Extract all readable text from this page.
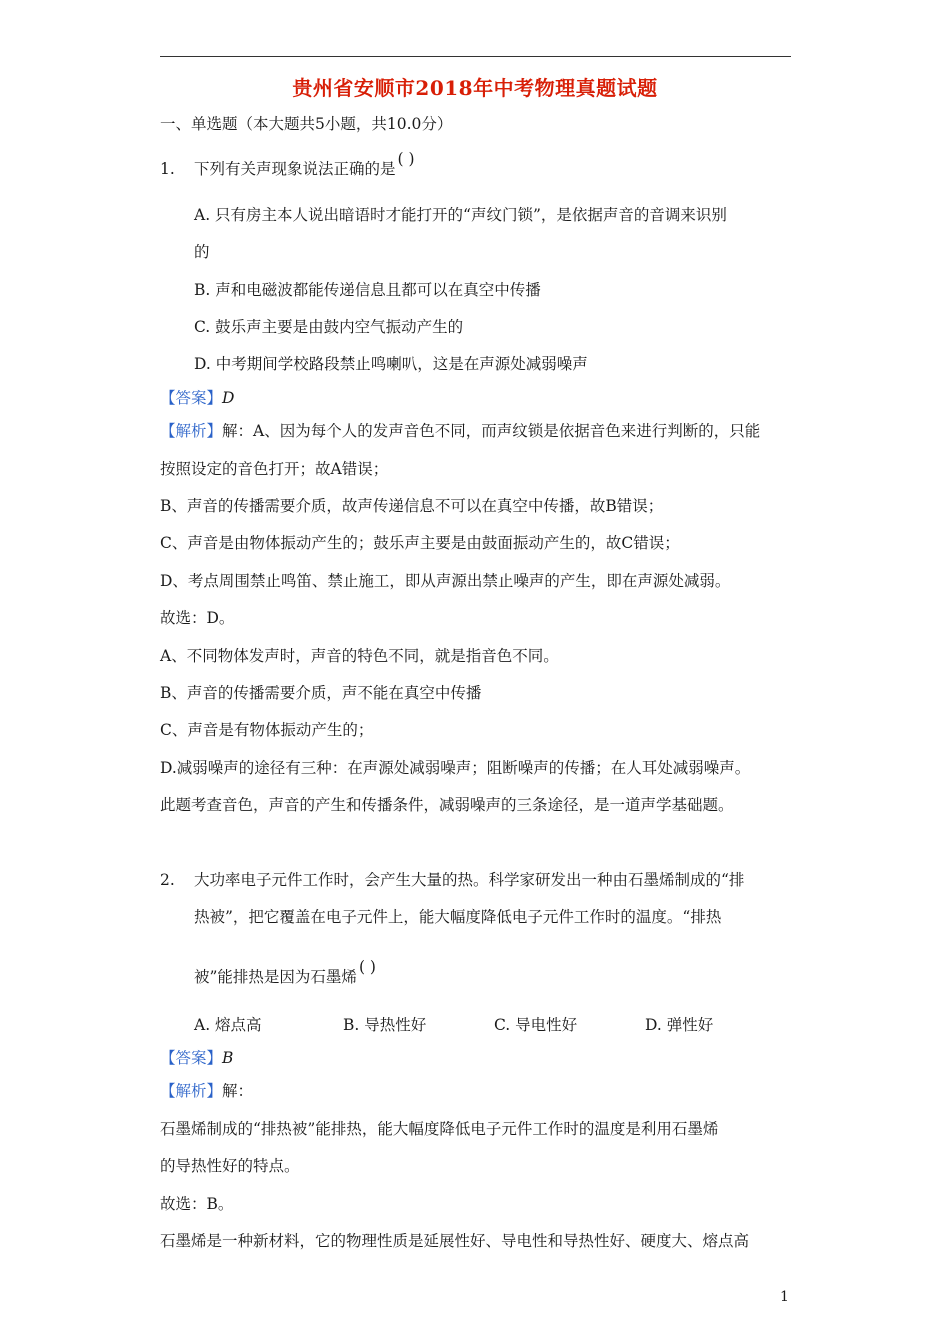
贵州省安顺市2018年中考物理真题试题
一、单选题（本大题共5小题，共10.0分）
1. 下列有关声现象说法正确的是( )
A. 只有房主本人说出暗语时才能打开的“声纹门锁”，是依据声音的音调来识别
的
B. 声和电磁波都能传递信息且都可以在真空中传播
C. 鼓乐声主要是由鼓内空气振动产生的
D. 中考期间学校路段禁止鸣喇叭，这是在声源处减弱噪声
【答案】D
【解析】解：A、因为每个人的发声音色不同，而声纹锁是依据音色来进行判断的，只能
按照设定的音色打开；故A错误；
B、声音的传播需要介质，故声传递信息不可以在真空中传播，故B错误；
C、声音是由物体振动产生的；鼓乐声主要是由鼓面振动产生的，故C错误；
D、考点周围禁止鸣笛、禁止施工，即从声源出禁止噪声的产生，即在声源处减弱。
故选：D。
A、不同物体发声时，声音的特色不同，就是指音色不同。
B、声音的传播需要介质，声不能在真空中传播
C、声音是有物体振动产生的；
D.减弱噪声的途径有三种：在声源处减弱噪声；阻断噪声的传播；在人耳处减弱噪声。
此题考查音色，声音的产生和传播条件，减弱噪声的三条途径，是一道声学基础题。
2. 大功率电子元件工作时，会产生大量的热。科学家研发出一种由石墨烯制成的“排
热被”，把它覆盖在电子元件上，能大幅度降低电子元件工作时的温度。“排热
被”能排热是因为石墨烯( )
A. 熔点高	B. 导热性好	C. 导电性好	D. 弹性好
【答案】B
【解析】解：
石墨烯制成的“排热被”能排热，能大幅度降低电子元件工作时的温度是利用石墨烯
的导热性好的特点。
故选：B。
石墨烯是一种新材料，它的物理性质是延展性好、导电性和导热性好、硬度大、熔点高
1
